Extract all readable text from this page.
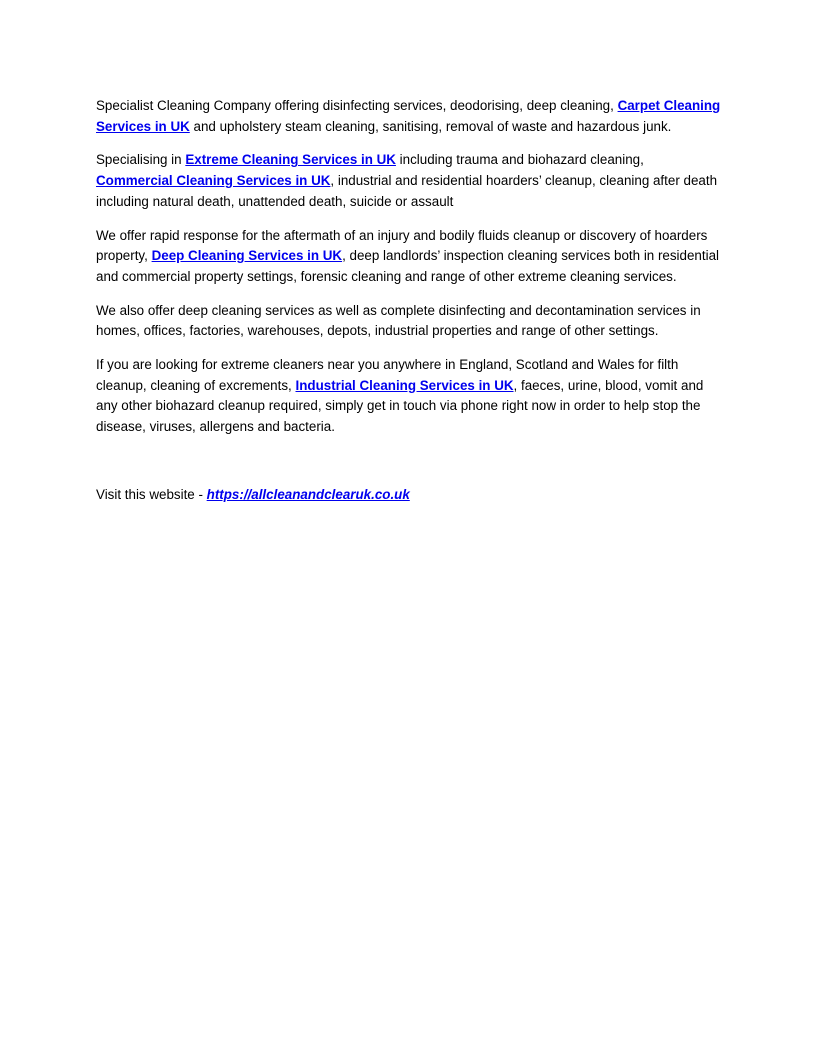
Specialist Cleaning Company offering disinfecting services, deodorising, deep cleaning, Carpet Cleaning Services in UK and upholstery steam cleaning, sanitising, removal of waste and hazardous junk.

Specialising in Extreme Cleaning Services in UK including trauma and biohazard cleaning, Commercial Cleaning Services in UK, industrial and residential hoarders’ cleanup, cleaning after death including natural death, unattended death, suicide or assault

We offer rapid response for the aftermath of an injury and bodily fluids cleanup or discovery of hoarders property, Deep Cleaning Services in UK, deep landlords’ inspection cleaning services both in residential and commercial property settings, forensic cleaning and range of other extreme cleaning services.

We also offer deep cleaning services as well as complete disinfecting and decontamination services in homes, offices, factories, warehouses, depots, industrial properties and range of other settings.

If you are looking for extreme cleaners near you anywhere in England, Scotland and Wales for filth cleanup, cleaning of excrements, Industrial Cleaning Services in UK, faeces, urine, blood, vomit and any other biohazard cleanup required, simply get in touch via phone right now in order to help stop the disease, viruses, allergens and bacteria.

Visit this website - https://allcleanandclearuk.co.uk
